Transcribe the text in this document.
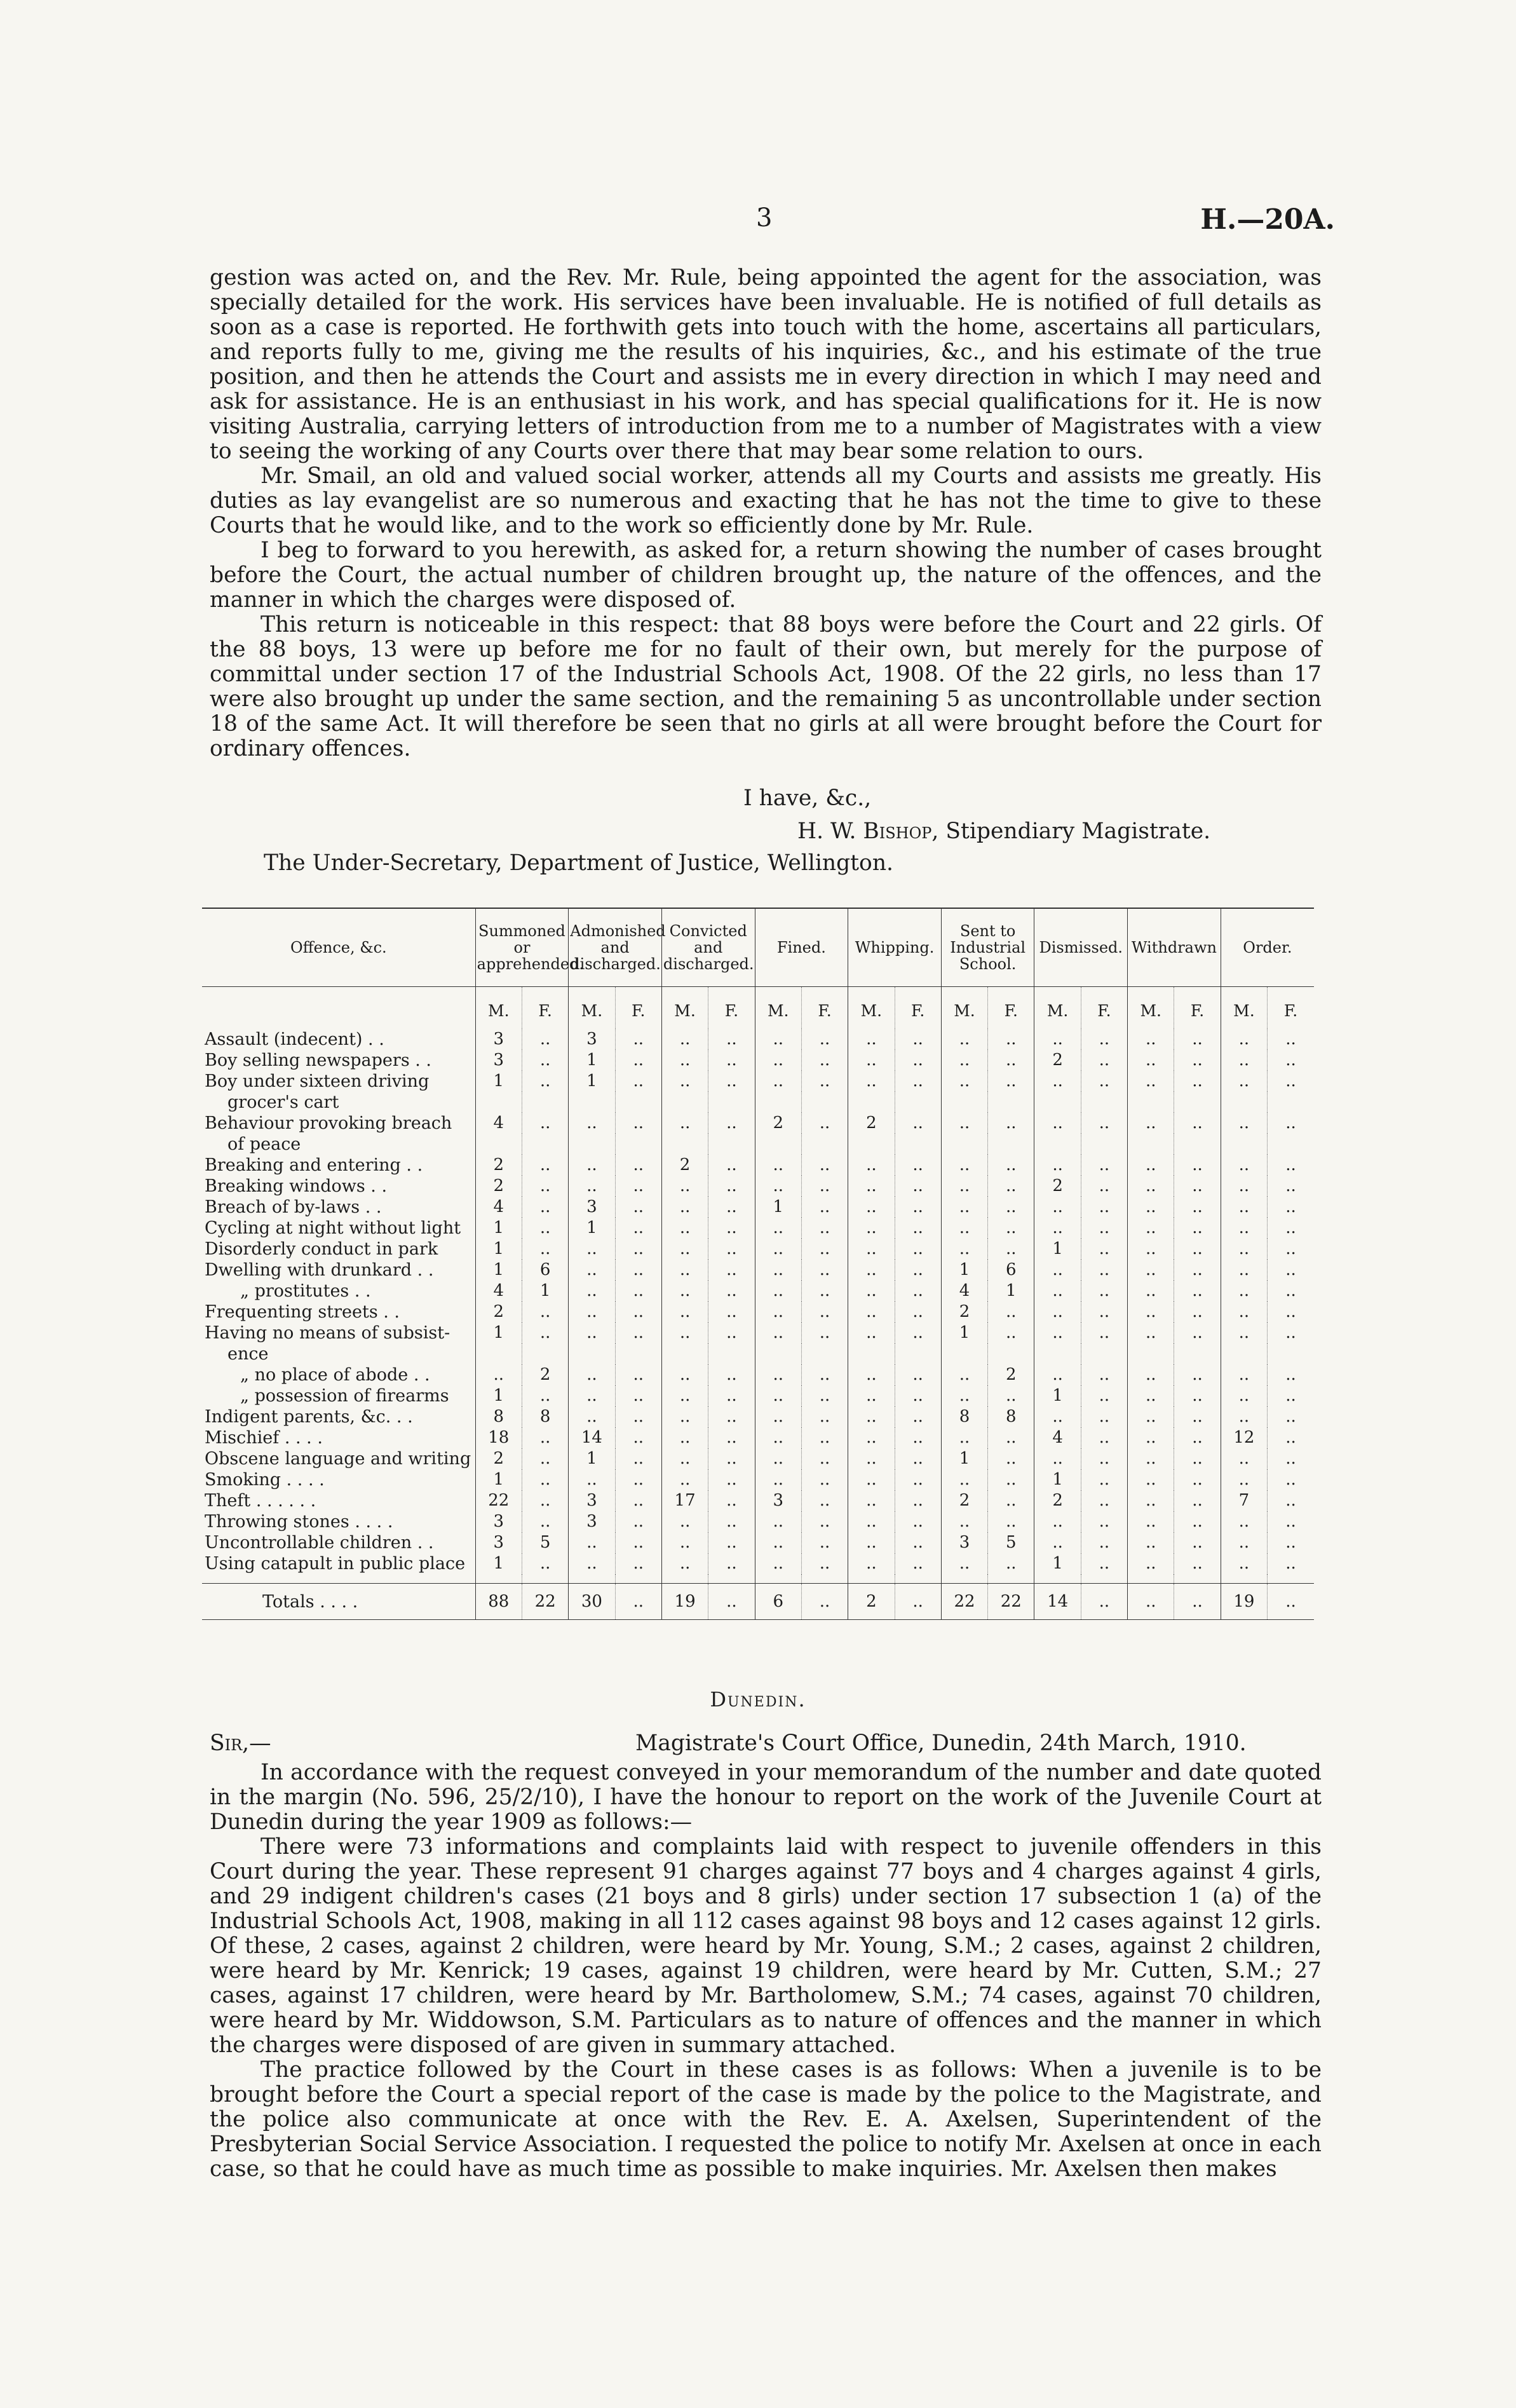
3	H.—20A.

gestion was acted on, and the Rev. Mr. Rule, being appointed the agent for the association, was specially detailed for the work. His services have been invaluable. He is notified of full details as soon as a case is reported. He forthwith gets into touch with the home, ascertains all particulars, and reports fully to me, giving me the results of his inquiries, &c., and his estimate of the true position, and then he attends the Court and assists me in every direction in which I may need and ask for assistance. He is an enthusiast in his work, and has special qualifications for it. He is now visiting Australia, carrying letters of introduction from me to a number of Magistrates with a view to seeing the working of any Courts over there that may bear some relation to ours.

Mr. Smail, an old and valued social worker, attends all my Courts and assists me greatly. His duties as lay evangelist are so numerous and exacting that he has not the time to give to these Courts that he would like, and to the work so efficiently done by Mr. Rule.

I beg to forward to you herewith, as asked for, a return showing the number of cases brought before the Court, the actual number of children brought up, the nature of the offences, and the manner in which the charges were disposed of.

This return is noticeable in this respect: that 88 boys were before the Court and 22 girls. Of the 88 boys, 13 were up before me for no fault of their own, but merely for the purpose of committal under section 17 of the Industrial Schools Act, 1908. Of the 22 girls, no less than 17 were also brought up under the same section, and the remaining 5 as uncontrollable under section 18 of the same Act. It will therefore be seen that no girls at all were brought before the Court for ordinary offences.

I have, &c.,
H. W. Bishop, Stipendiary Magistrate.
The Under-Secretary, Department of Justice, Wellington.
Offence, &c.	Summoned or apprehended.		Admonished and discharged.		Convicted and discharged.		Fined.		Whipping.		Sent to Industrial School.		Dismissed.		Withdrawn		Order.	
	M.	F.	M.	F.	M.	F.	M.	F.	M.	F.	M.	F.	M.	F.	M.	F.	M.	F.
Assault (indecent) . .	3	..	3	..	..	..	..	..	..	..	..	..	..	..	..	..	..	..
Boy selling newspapers . .	3	..	1	..	..	..	..	..	..	..	..	..	2	..	..	..	..	..
Boy under sixteen driving	1	..	1	..	..	..	..	..	..	..	..	..	..	..	..	..	..	..
grocer's cart																		
Behaviour provoking breach	4	..	..	..	..	..	2	..	2	..	..	..	..	..	..	..	..	..
of peace																		
Breaking and entering . .	2	..	..	..	2	..	..	..	..	..	..	..	..	..	..	..	..	..
Breaking windows . .	2	..	..	..	..	..	..	..	..	..	..	..	2	..	..	..	..	..
Breach of by-laws . .	4	..	3	..	..	..	1	..	..	..	..	..	..	..	..	..	..	..
Cycling at night without light	1	..	1	..	..	..	..	..	..	..	..	..	..	..	..	..	..	..
Disorderly conduct in park	1	..	..	..	..	..	..	..	..	..	..	..	1	..	..	..	..	..
Dwelling with drunkard . .	1	6	..	..	..	..	..	..	..	..	1	6	..	..	..	..	..	..
„ prostitutes . .	4	1	..	..	..	..	..	..	..	..	4	1	..	..	..	..	..	..
Frequenting streets . .	2	..	..	..	..	..	..	..	..	..	2	..	..	..	..	..	..	..
Having no means of subsist-	1	..	..	..	..	..	..	..	..	..	1	..	..	..	..	..	..	..
ence																		
„ no place of abode . .	..	2	..	..	..	..	..	..	..	..	..	2	..	..	..	..	..	..
„ possession of firearms	1	..	..	..	..	..	..	..	..	..	..	..	1	..	..	..	..	..
Indigent parents, &c. . .	8	8	..	..	..	..	..	..	..	..	8	8	..	..	..	..	..	..
Mischief . . . .	18	..	14	..	..	..	..	..	..	..	..	..	4	..	..	..	12	..
Obscene language and writing	2	..	1	..	..	..	..	..	..	..	1	..	..	..	..	..	..	..
Smoking . . . .	1	..	..	..	..	..	..	..	..	..	..	..	1	..	..	..	..	..
Theft . . . . . .	22	..	3	..	17	..	3	..	..	..	2	..	2	..	..	..	7	..
Throwing stones . . . .	3	..	3	..	..	..	..	..	..	..	..	..	..	..	..	..	..	..
Uncontrollable children . .	3	5	..	..	..	..	..	..	..	..	3	5	..	..	..	..	..	..
Using catapult in public place	1	..	..	..	..	..	..	..	..	..	..	..	1	..	..	..	..	..

Totals . . . .	88	22	30	..	19	..	6	..	2	..	22	22	14	..	..	..	19	..
Dunedin.
Sir,—	Magistrate's Court Office, Dunedin, 24th March, 1910.

In accordance with the request conveyed in your memorandum of the number and date quoted in the margin (No. 596, 25/2/10), I have the honour to report on the work of the Juvenile Court at Dunedin during the year 1909 as follows:—

There were 73 informations and complaints laid with respect to juvenile offenders in this Court during the year. These represent 91 charges against 77 boys and 4 charges against 4 girls, and 29 indigent children's cases (21 boys and 8 girls) under section 17 subsection 1 (a) of the Industrial Schools Act, 1908, making in all 112 cases against 98 boys and 12 cases against 12 girls. Of these, 2 cases, against 2 children, were heard by Mr. Young, S.M.; 2 cases, against 2 children, were heard by Mr. Kenrick; 19 cases, against 19 children, were heard by Mr. Cutten, S.M.; 27 cases, against 17 children, were heard by Mr. Bartholomew, S.M.; 74 cases, against 70 children, were heard by Mr. Widdowson, S.M. Particulars as to nature of offences and the manner in which the charges were disposed of are given in summary attached.

The practice followed by the Court in these cases is as follows: When a juvenile is to be brought before the Court a special report of the case is made by the police to the Magistrate, and the police also communicate at once with the Rev. E. A. Axelsen, Superintendent of the Presbyterian Social Service Association. I requested the police to notify Mr. Axelsen at once in each case, so that he could have as much time as possible to make inquiries. Mr. Axelsen then makes
